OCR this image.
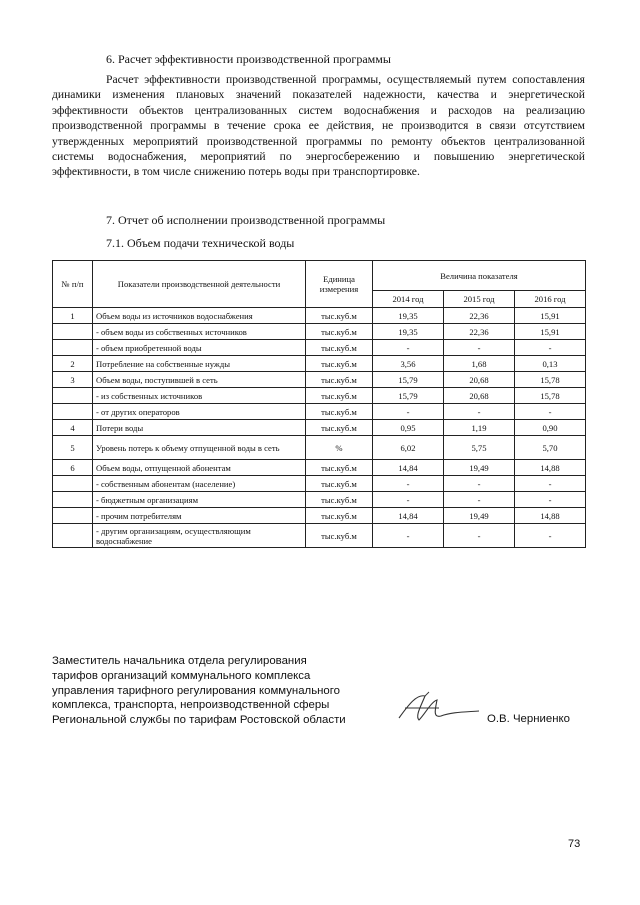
6. Расчет эффективности производственной программы
Расчет эффективности производственной программы, осуществляемый путем сопоставления динамики изменения плановых значений показателей надежности, качества и энергетической эффективности объектов централизованных систем водоснабжения и расходов на реализацию производственной программы в течение срока ее действия, не производится в связи отсутствием утвержденных мероприятий производственной программы по ремонту объектов централизованной системы водоснабжения, мероприятий по энергосбережению и повышению энергетической эффективности, в том числе снижению потерь воды при транспортировке.
7. Отчет об исполнении производственной программы
7.1. Объем подачи технической воды
№ п/п	Показатели производственной деятельности	Единица измерения	Величина показателя		
			2014 год	2015 год	2016 год
1	Объем воды из источников водоснабжения	тыс.куб.м	19,35	22,36	15,91
	- объем воды из собственных источников	тыс.куб.м	19,35	22,36	15,91
	- объем приобретенной воды	тыс.куб.м	-	-	-
2	Потребление на собственные нужды	тыс.куб.м	3,56	1,68	0,13
3	Объем воды, поступившей в сеть	тыс.куб.м	15,79	20,68	15,78
	- из собственных источников	тыс.куб.м	15,79	20,68	15,78
	- от других операторов	тыс.куб.м	-	-	-
4	Потери воды	тыс.куб.м	0,95	1,19	0,90
5	Уровень потерь к объему отпущенной воды в сеть	%	6,02	5,75	5,70
6	Объем воды, отпущенной абонентам	тыс.куб.м	14,84	19,49	14,88
	- собственным абонентам (население)	тыс.куб.м	-	-	-
	- бюджетным организациям	тыс.куб.м	-	-	-
	- прочим потребителям	тыс.куб.м	14,84	19,49	14,88
	- другим организациям, осуществляющим водоснабжение	тыс.куб.м	-	-	-
Заместитель начальника отдела регулирования
тарифов организаций коммунального комплекса
управления тарифного регулирования коммунального
комплекса, транспорта, непроизводственной сферы
Региональной службы по тарифам Ростовской области	О.В. Черниенко
73
